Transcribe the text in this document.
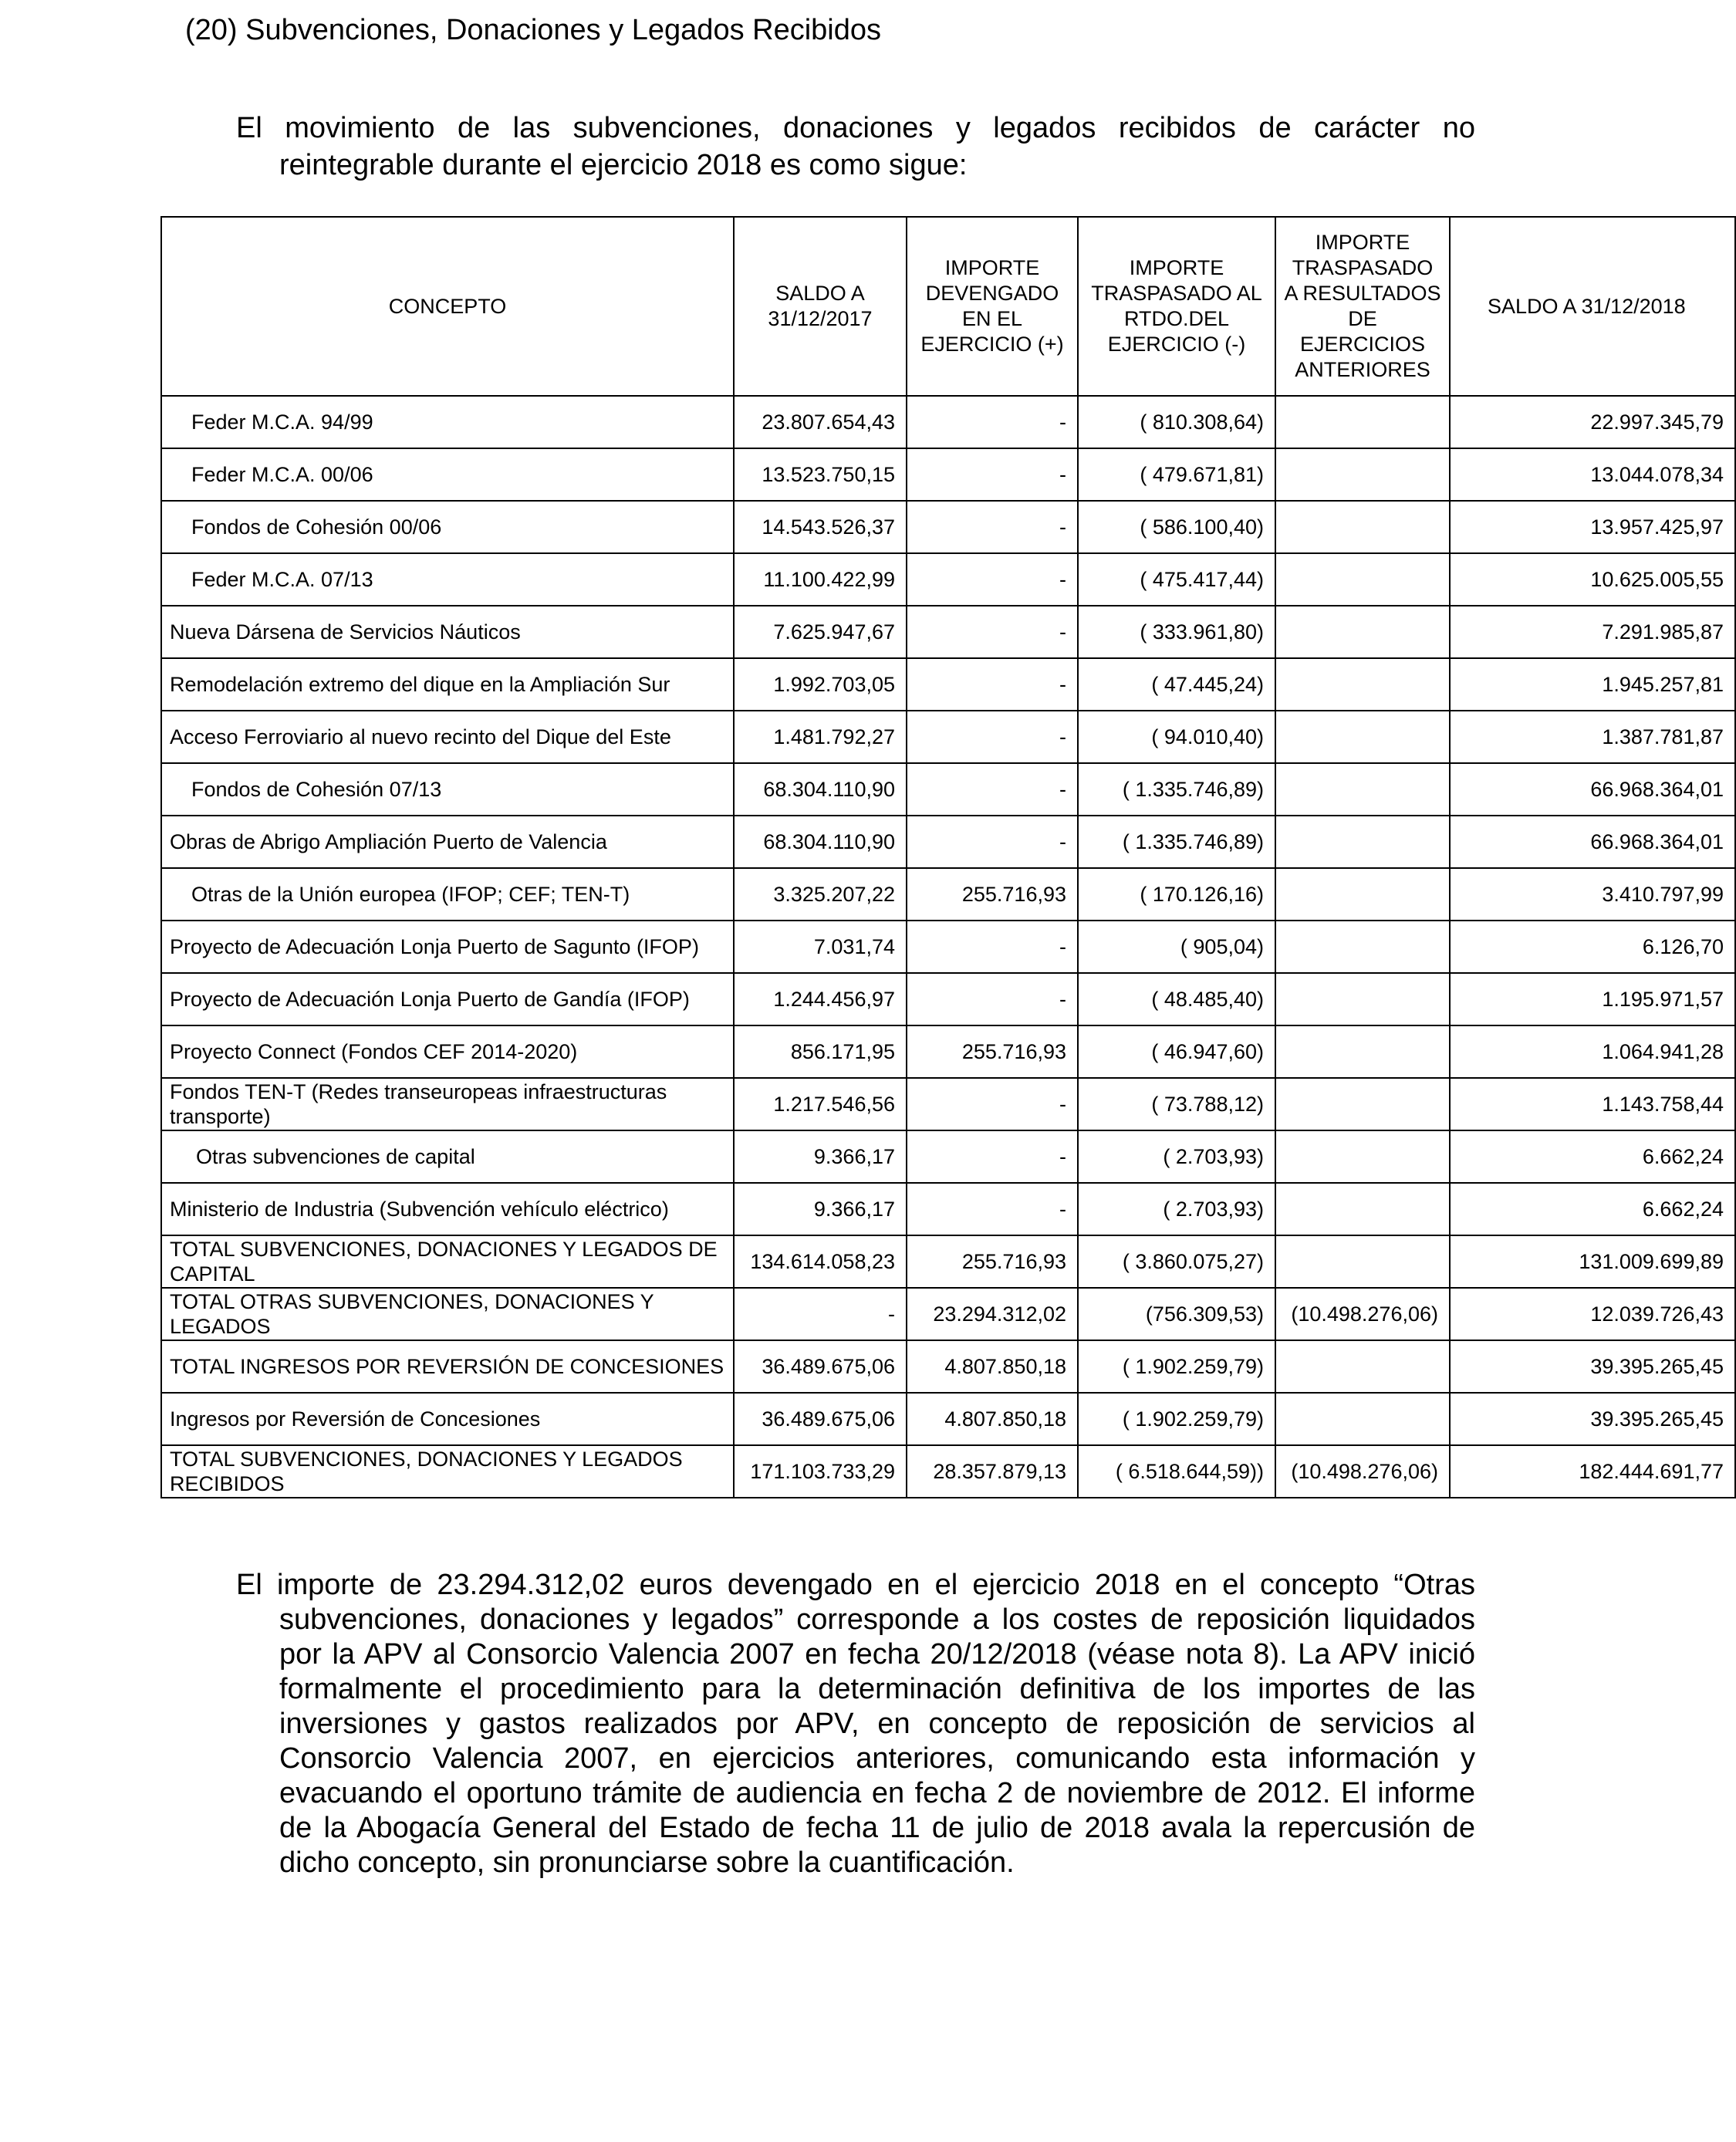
(20) Subvenciones, Donaciones y Legados Recibidos

El movimiento de las subvenciones, donaciones y legados recibidos de carácter no reintegrable durante el ejercicio 2018 es como sigue:

CONCEPTO	SALDO A 31/12/2017	IMPORTE DEVENGADO EN EL EJERCICIO (+)	IMPORTE TRASPASADO AL RTDO.DEL EJERCICIO (-)	IMPORTE TRASPASADO A RESULTADOS DE EJERCICIOS ANTERIORES	SALDO A 31/12/2018
Feder M.C.A. 94/99	23.807.654,43	-	( 810.308,64)		22.997.345,79
Feder M.C.A. 00/06	13.523.750,15	-	( 479.671,81)		13.044.078,34
Fondos de Cohesión 00/06	14.543.526,37	-	( 586.100,40)		13.957.425,97
Feder M.C.A. 07/13	11.100.422,99	-	( 475.417,44)		10.625.005,55
Nueva Dársena de Servicios Náuticos	7.625.947,67	-	( 333.961,80)		7.291.985,87
Remodelación extremo del dique en la Ampliación Sur	1.992.703,05	-	( 47.445,24)		1.945.257,81
Acceso Ferroviario al nuevo recinto del Dique del Este	1.481.792,27	-	( 94.010,40)		1.387.781,87
Fondos de Cohesión 07/13	68.304.110,90	-	( 1.335.746,89)		66.968.364,01
Obras de Abrigo Ampliación Puerto de Valencia	68.304.110,90	-	( 1.335.746,89)		66.968.364,01
Otras de la Unión europea (IFOP; CEF; TEN-T)	3.325.207,22	255.716,93	( 170.126,16)		3.410.797,99
Proyecto de Adecuación Lonja Puerto de Sagunto (IFOP)	7.031,74	-	( 905,04)		6.126,70
Proyecto de Adecuación Lonja Puerto de Gandía (IFOP)	1.244.456,97	-	( 48.485,40)		1.195.971,57
Proyecto Connect (Fondos CEF 2014-2020)	856.171,95	255.716,93	( 46.947,60)		1.064.941,28
Fondos TEN-T (Redes transeuropeas infraestructuras transporte)	1.217.546,56	-	( 73.788,12)		1.143.758,44
Otras subvenciones de capital	9.366,17	-	( 2.703,93)		6.662,24
Ministerio de Industria (Subvención vehículo eléctrico)	9.366,17	-	( 2.703,93)		6.662,24
TOTAL SUBVENCIONES, DONACIONES Y LEGADOS DE CAPITAL	134.614.058,23	255.716,93	( 3.860.075,27)		131.009.699,89
TOTAL OTRAS SUBVENCIONES, DONACIONES Y LEGADOS	-	23.294.312,02	(756.309,53)	(10.498.276,06)	12.039.726,43
TOTAL INGRESOS POR REVERSIÓN DE CONCESIONES	36.489.675,06	4.807.850,18	( 1.902.259,79)		39.395.265,45
Ingresos por Reversión de Concesiones	36.489.675,06	4.807.850,18	( 1.902.259,79)		39.395.265,45
TOTAL SUBVENCIONES, DONACIONES Y LEGADOS RECIBIDOS	171.103.733,29	28.357.879,13	( 6.518.644,59))	(10.498.276,06)	182.444.691,77

El importe de 23.294.312,02 euros devengado en el ejercicio 2018 en el concepto “Otras subvenciones, donaciones y legados” corresponde a los costes de reposición liquidados por la APV al Consorcio Valencia 2007 en fecha 20/12/2018 (véase nota 8). La APV inició formalmente el procedimiento para la determinación definitiva de los importes de las inversiones y gastos realizados por APV, en concepto de reposición de servicios al Consorcio Valencia 2007, en ejercicios anteriores, comunicando esta información y evacuando el oportuno trámite de audiencia en fecha 2 de noviembre de 2012. El informe de la Abogacía General del Estado de fecha 11 de julio de 2018 avala la repercusión de dicho concepto, sin pronunciarse sobre la cuantificación.
